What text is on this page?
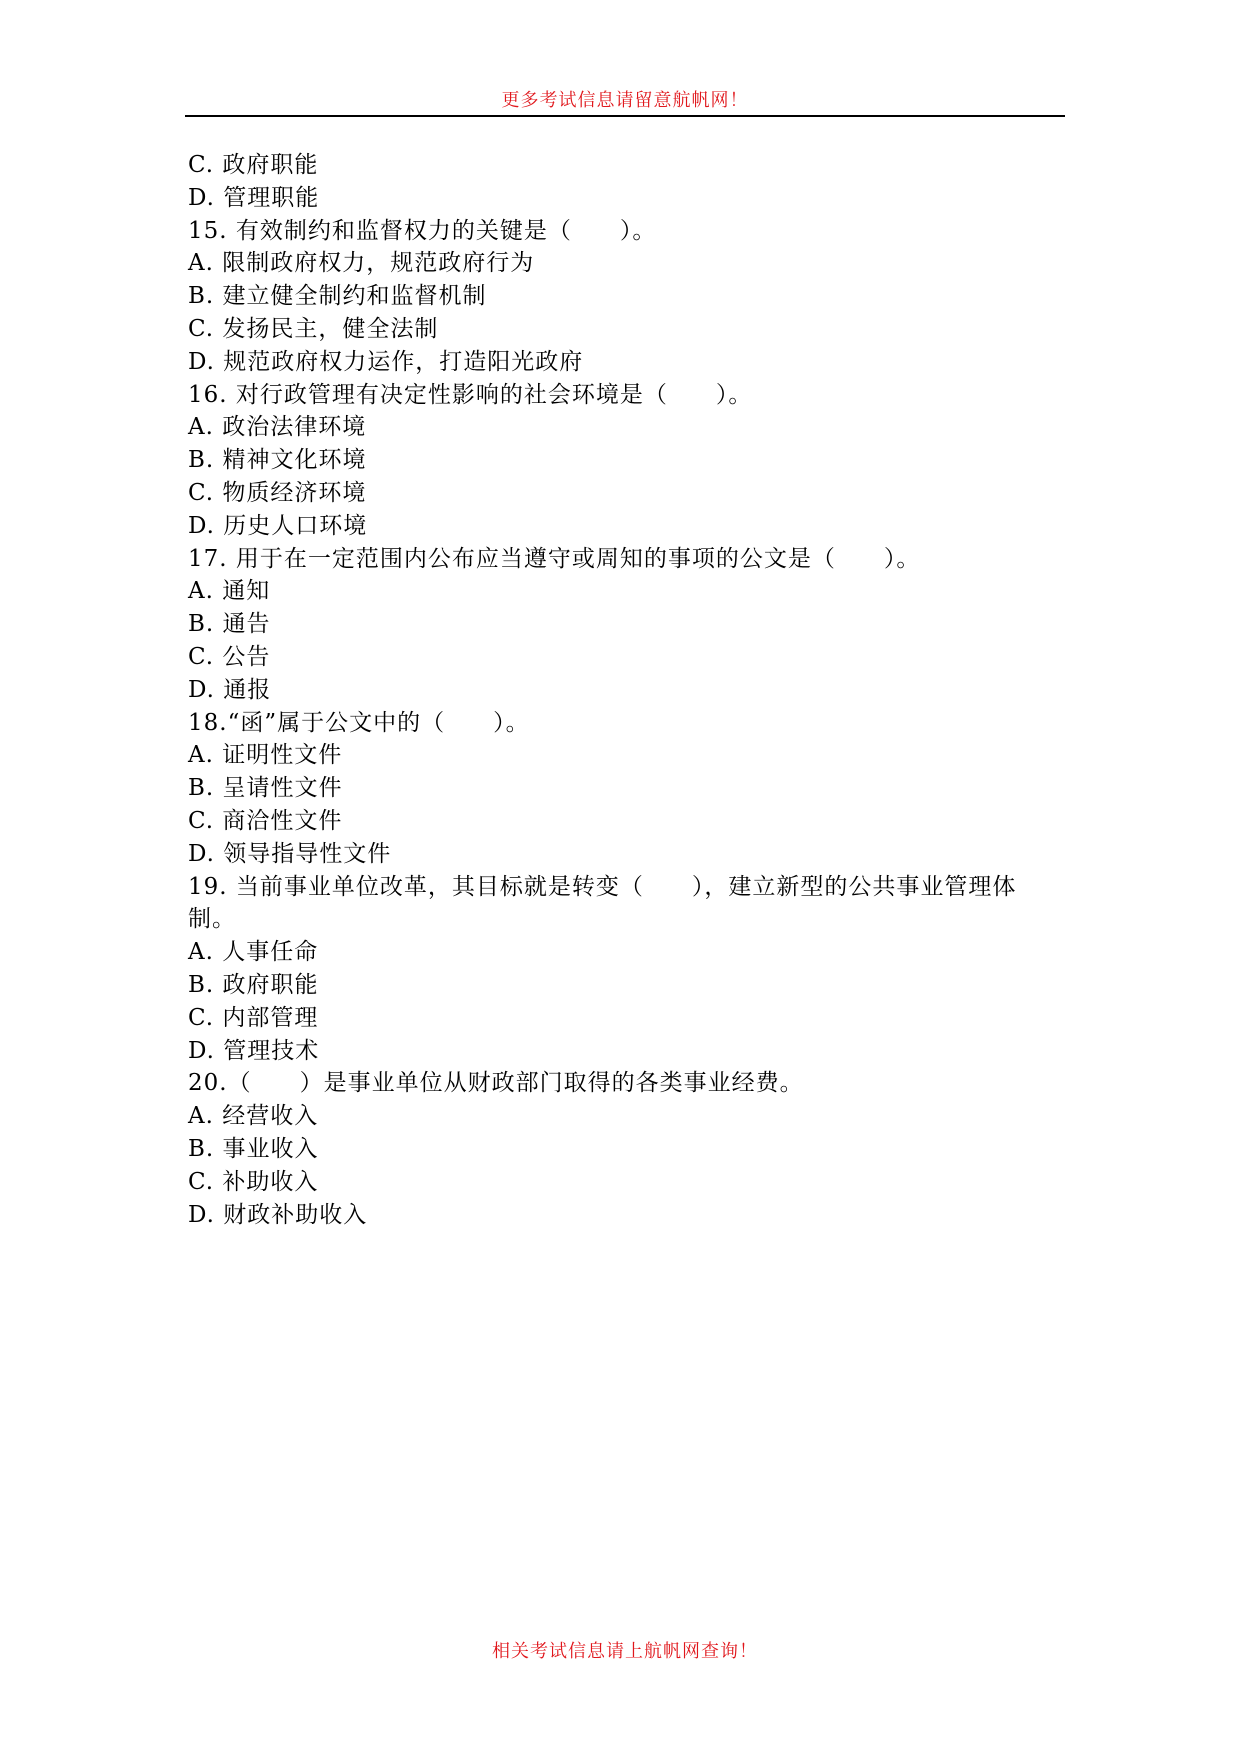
更多考试信息请留意航帆网！
C. 政府职能
D. 管理职能
15. 有效制约和监督权力的关键是（　　）。
A. 限制政府权力，规范政府行为
B. 建立健全制约和监督机制
C. 发扬民主，健全法制
D. 规范政府权力运作，打造阳光政府
16. 对行政管理有决定性影响的社会环境是（　　）。
A. 政治法律环境
B. 精神文化环境
C. 物质经济环境
D. 历史人口环境
17. 用于在一定范围内公布应当遵守或周知的事项的公文是（　　）。
A. 通知
B. 通告
C. 公告
D. 通报
18.“函”属于公文中的（　　）。
A. 证明性文件
B. 呈请性文件
C. 商洽性文件
D. 领导指导性文件
19. 当前事业单位改革，其目标就是转变（　　），建立新型的公共事业管理体
制。
A. 人事任命
B. 政府职能
C. 内部管理
D. 管理技术
20.（　　）是事业单位从财政部门取得的各类事业经费。
A. 经营收入
B. 事业收入
C. 补助收入
D. 财政补助收入
相关考试信息请上航帆网查询！
